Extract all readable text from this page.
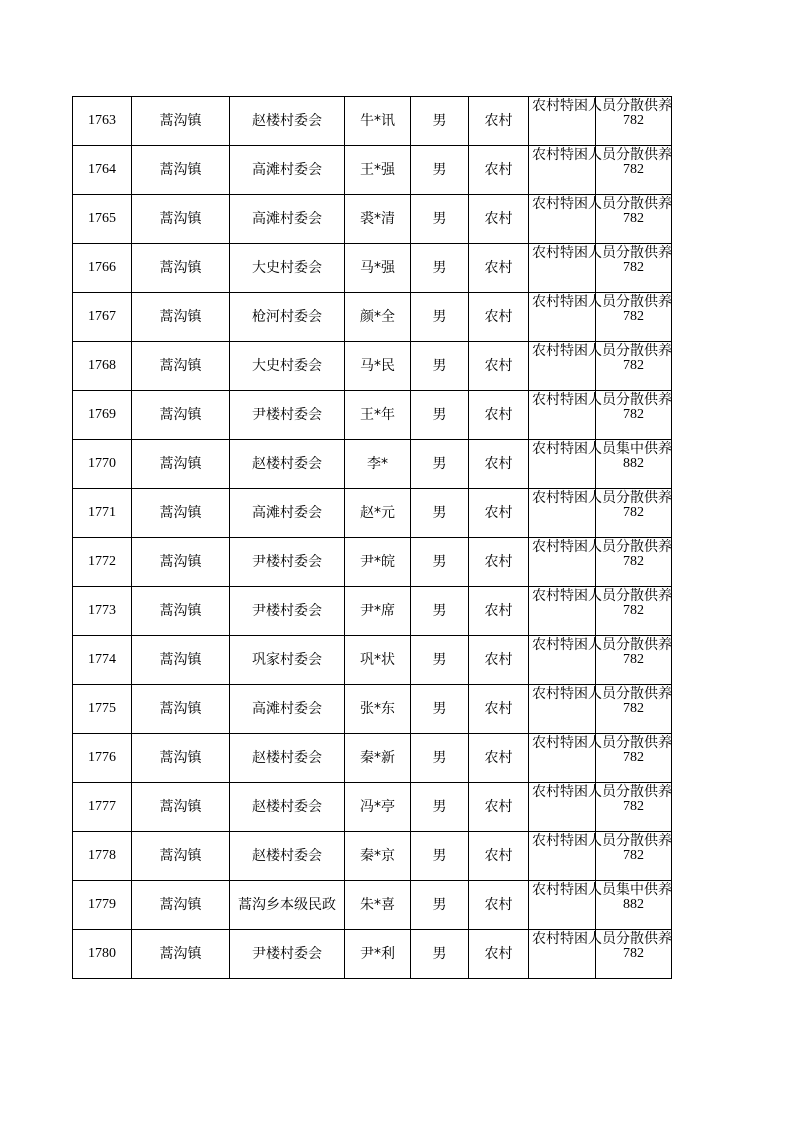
1763	蒿沟镇	赵楼村委会	牛*讯	男	农村	农村特困人员分散供养	782
1764	蒿沟镇	高滩村委会	王*强	男	农村	农村特困人员分散供养	782
1765	蒿沟镇	高滩村委会	裘*清	男	农村	农村特困人员分散供养	782
1766	蒿沟镇	大史村委会	马*强	男	农村	农村特困人员分散供养	782
1767	蒿沟镇	枪河村委会	颜*全	男	农村	农村特困人员分散供养	782
1768	蒿沟镇	大史村委会	马*民	男	农村	农村特困人员分散供养	782
1769	蒿沟镇	尹楼村委会	王*年	男	农村	农村特困人员分散供养	782
1770	蒿沟镇	赵楼村委会	李*	男	农村	农村特困人员集中供养	882
1771	蒿沟镇	高滩村委会	赵*元	男	农村	农村特困人员分散供养	782
1772	蒿沟镇	尹楼村委会	尹*皖	男	农村	农村特困人员分散供养	782
1773	蒿沟镇	尹楼村委会	尹*席	男	农村	农村特困人员分散供养	782
1774	蒿沟镇	巩家村委会	巩*状	男	农村	农村特困人员分散供养	782
1775	蒿沟镇	高滩村委会	张*东	男	农村	农村特困人员分散供养	782
1776	蒿沟镇	赵楼村委会	秦*新	男	农村	农村特困人员分散供养	782
1777	蒿沟镇	赵楼村委会	冯*亭	男	农村	农村特困人员分散供养	782
1778	蒿沟镇	赵楼村委会	秦*京	男	农村	农村特困人员分散供养	782
1779	蒿沟镇	蒿沟乡本级民政	朱*喜	男	农村	农村特困人员集中供养	882
1780	蒿沟镇	尹楼村委会	尹*利	男	农村	农村特困人员分散供养	782
